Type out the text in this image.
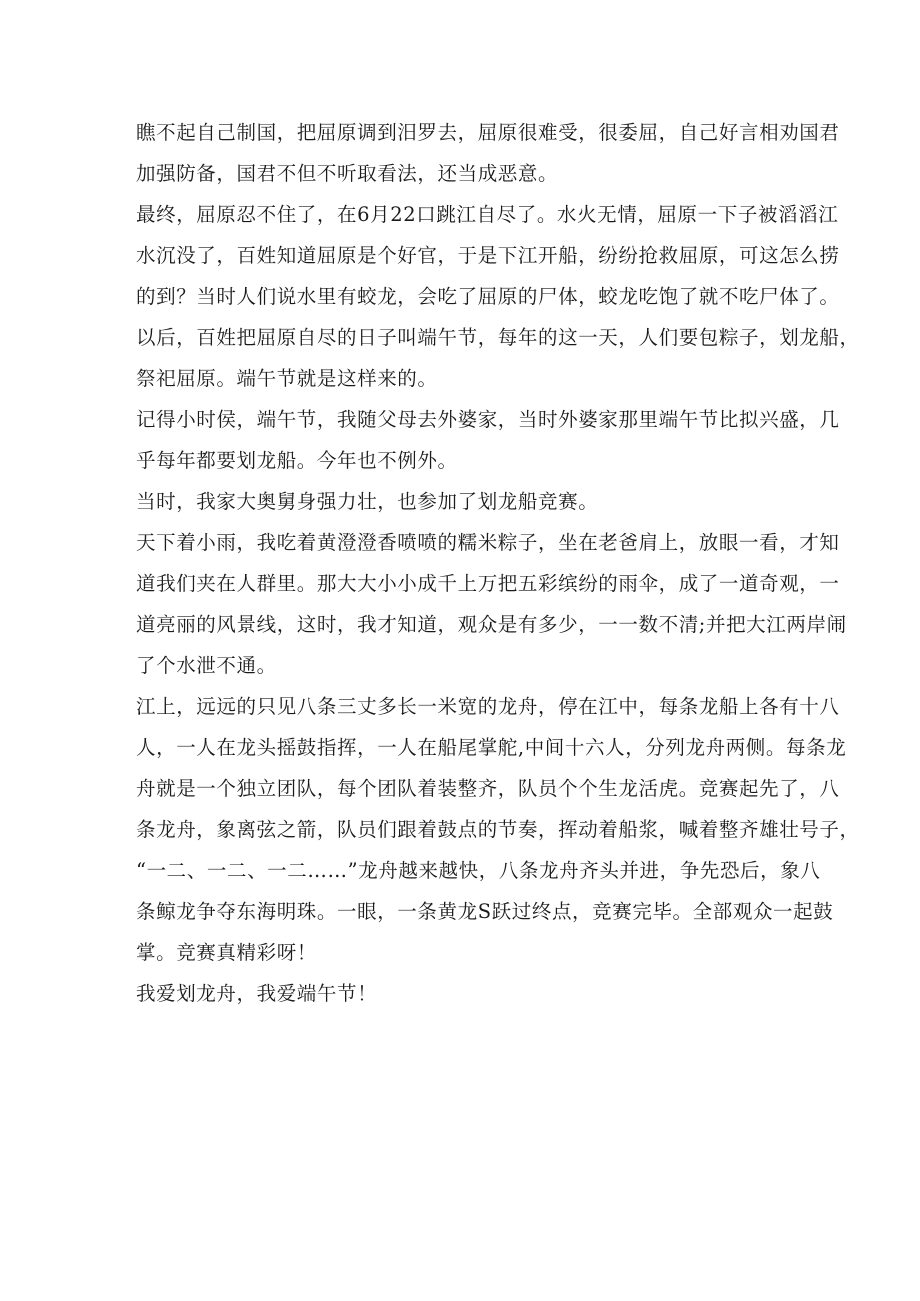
瞧不起自己制国，把屈原调到汨罗去，屈原很难受，很委屈，自己好言相劝国君
加强防备，国君不但不听取看法，还当成恶意。
最终，屈原忍不住了，在6月22口跳江自尽了。水火无情，屈原一下子被滔滔江
水沉没了，百姓知道屈原是个好官，于是下江开船，纷纷抢救屈原，可这怎么捞
的到？当时人们说水里有蛟龙，会吃了屈原的尸体，蛟龙吃饱了就不吃尸体了。
以后，百姓把屈原自尽的日子叫端午节，每年的这一天，人们要包粽子，划龙船，
祭祀屈原。端午节就是这样来的。
记得小时侯，端午节，我随父母去外婆家，当时外婆家那里端午节比拟兴盛，几
乎每年都要划龙船。今年也不例外。
当时，我家大奥舅身强力壮，也参加了划龙船竞赛。
天下着小雨，我吃着黄澄澄香喷喷的糯米粽子，坐在老爸肩上，放眼一看，才知
道我们夹在人群里。那大大小小成千上万把五彩缤纷的雨伞，成了一道奇观，一
道亮丽的风景线，这时，我才知道，观众是有多少，一一数不清;并把大江两岸闹
了个水泄不通。
江上，远远的只见八条三丈多长一米宽的龙舟，停在江中，每条龙船上各有十八
人，一人在龙头摇鼓指挥，一人在船尾掌舵,中间十六人，分列龙舟两侧。每条龙
舟就是一个独立团队，每个团队着装整齐，队员个个生龙活虎。竞赛起先了，八
条龙舟，象离弦之箭，队员们跟着鼓点的节奏，挥动着船浆，喊着整齐雄壮号子，
“一二、一二、一二……”龙舟越来越快，八条龙舟齐头并进，争先恐后，象八
条鲸龙争夺东海明珠。一眼，一条黄龙S跃过终点，竞赛完毕。全部观众一起鼓
掌。竞赛真精彩呀！
我爱划龙舟，我爱端午节！
